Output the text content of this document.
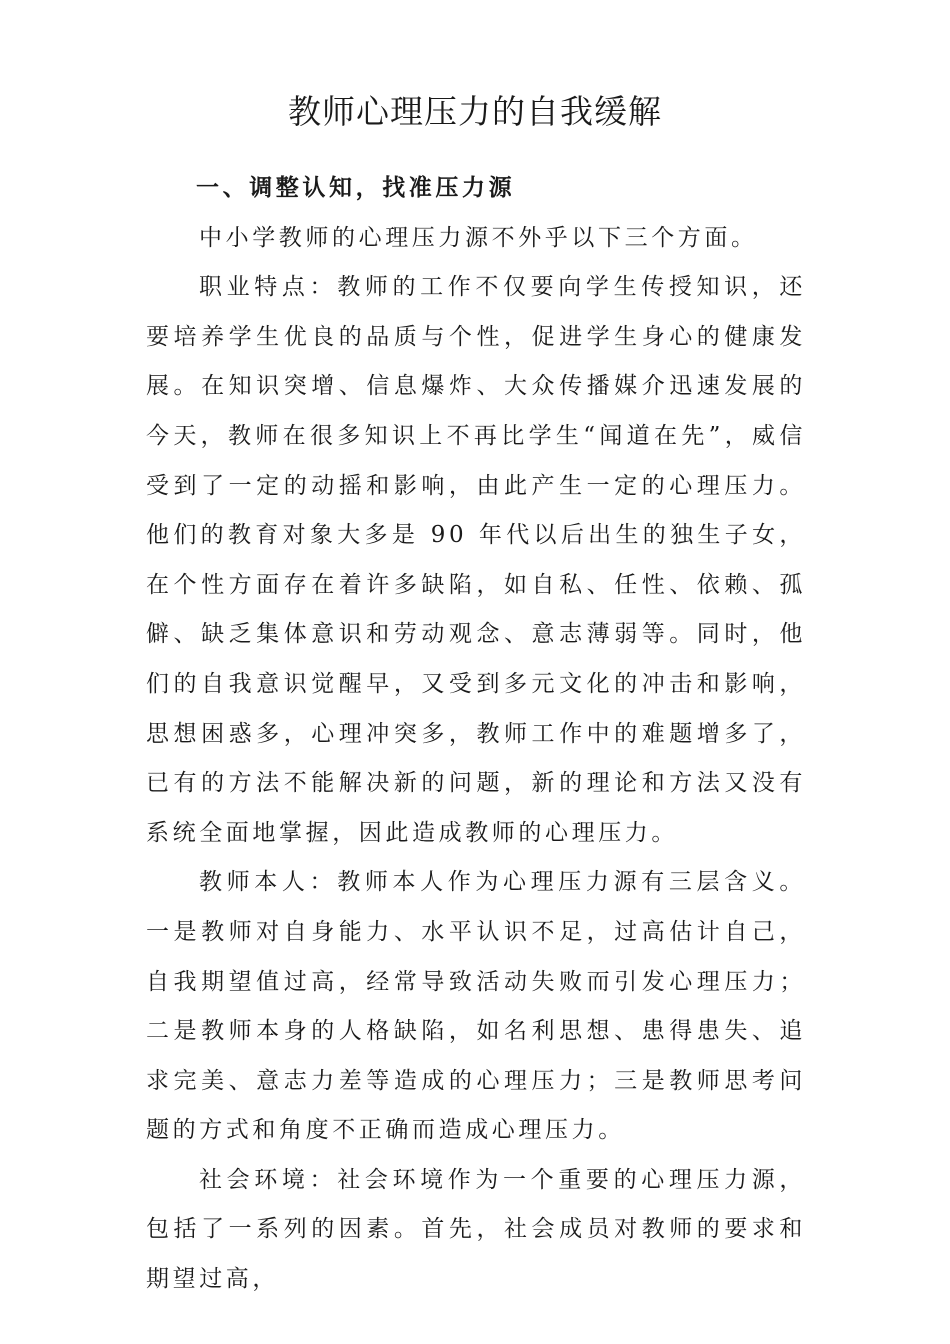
教师心理压力的自我缓解

一、调整认知，找准压力源

中小学教师的心理压力源不外乎以下三个方面。

职业特点：教师的工作不仅要向学生传授知识，还要培养学生优良的品质与个性，促进学生身心的健康发展。在知识突增、信息爆炸、大众传播媒介迅速发展的今天，教师在很多知识上不再比学生“闻道在先”，威信受到了一定的动摇和影响，由此产生一定的心理压力。他们的教育对象大多是 90 年代以后出生的独生子女，在个性方面存在着许多缺陷，如自私、任性、依赖、孤僻、缺乏集体意识和劳动观念、意志薄弱等。同时，他们的自我意识觉醒早，又受到多元文化的冲击和影响，思想困惑多，心理冲突多，教师工作中的难题增多了，已有的方法不能解决新的问题，新的理论和方法又没有系统全面地掌握，因此造成教师的心理压力。

教师本人：教师本人作为心理压力源有三层含义。一是教师对自身能力、水平认识不足，过高估计自己，自我期望值过高，经常导致活动失败而引发心理压力；二是教师本身的人格缺陷，如名利思想、患得患失、追求完美、意志力差等造成的心理压力；三是教师思考问题的方式和角度不正确而造成心理压力。

社会环境：社会环境作为一个重要的心理压力源，包括了一系列的因素。首先，社会成员对教师的要求和期望过高，
